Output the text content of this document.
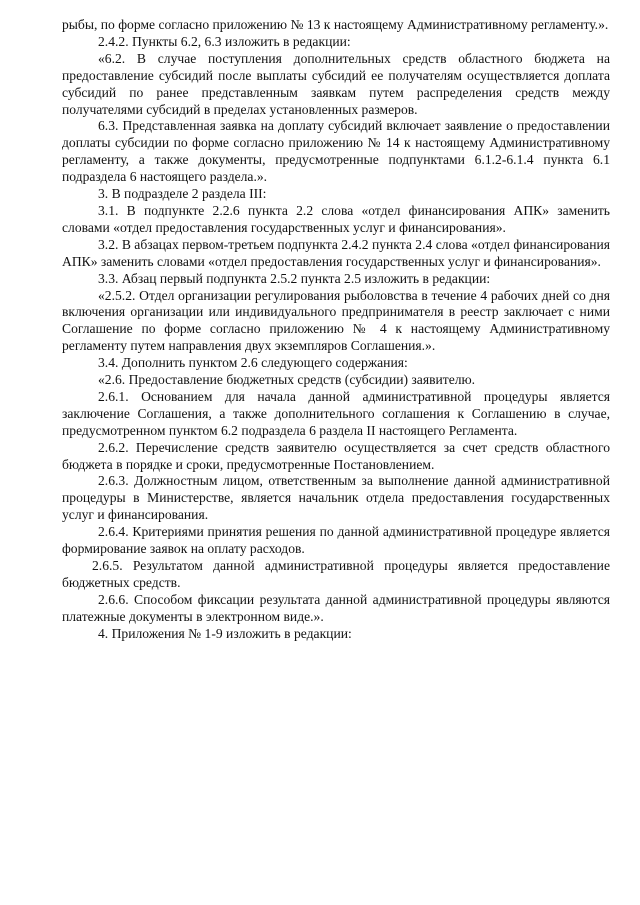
рыбы, по форме согласно приложению № 13 к настоящему Административному регламенту.».

2.4.2. Пункты 6.2, 6.3 изложить в редакции:

«6.2. В случае поступления дополнительных средств областного бюджета на предоставление субсидий после выплаты субсидий ее получателям осуществляется доплата субсидий по ранее представленным заявкам путем распределения средств между получателями субсидий в пределах установленных размеров.

6.3. Представленная заявка на доплату субсидий включает заявление о предоставлении доплаты субсидии по форме согласно приложению № 14 к настоящему Административному регламенту, а также документы, предусмотренные подпунктами 6.1.2-6.1.4 пункта 6.1 подраздела 6 настоящего раздела.».

3. В подразделе 2 раздела III:

3.1. В подпункте 2.2.6 пункта 2.2 слова «отдел финансирования АПК» заменить словами «отдел предоставления государственных услуг и финансирования».

3.2. В абзацах первом-третьем подпункта 2.4.2 пункта 2.4 слова «отдел финансирования АПК» заменить словами «отдел предоставления государственных услуг и финансирования».

3.3. Абзац первый подпункта 2.5.2 пункта 2.5 изложить в редакции:

«2.5.2. Отдел организации регулирования рыболовства в течение 4 рабочих дней со дня включения организации или индивидуального предпринимателя в реестр заключает с ними Соглашение по форме согласно приложению № 4 к настоящему Административному регламенту путем направления двух экземпляров Соглашения.».

3.4. Дополнить пунктом 2.6 следующего содержания:

«2.6. Предоставление бюджетных средств (субсидии) заявителю.

2.6.1. Основанием для начала данной административной процедуры является заключение Соглашения, а также дополнительного соглашения к Соглашению в случае, предусмотренном пунктом 6.2 подраздела 6 раздела II настоящего Регламента.

2.6.2. Перечисление средств заявителю осуществляется за счет средств областного бюджета в порядке и сроки, предусмотренные Постановлением.

2.6.3. Должностным лицом, ответственным за выполнение данной административной процедуры в Министерстве, является начальник отдела предоставления государственных услуг и финансирования.

2.6.4. Критериями принятия решения по данной административной процедуре является формирование заявок на оплату расходов.

2.6.5. Результатом данной административной процедуры является предоставление бюджетных средств.

2.6.6. Способом фиксации результата данной административной процедуры являются платежные документы в электронном виде.».

4. Приложения № 1-9 изложить в редакции:
